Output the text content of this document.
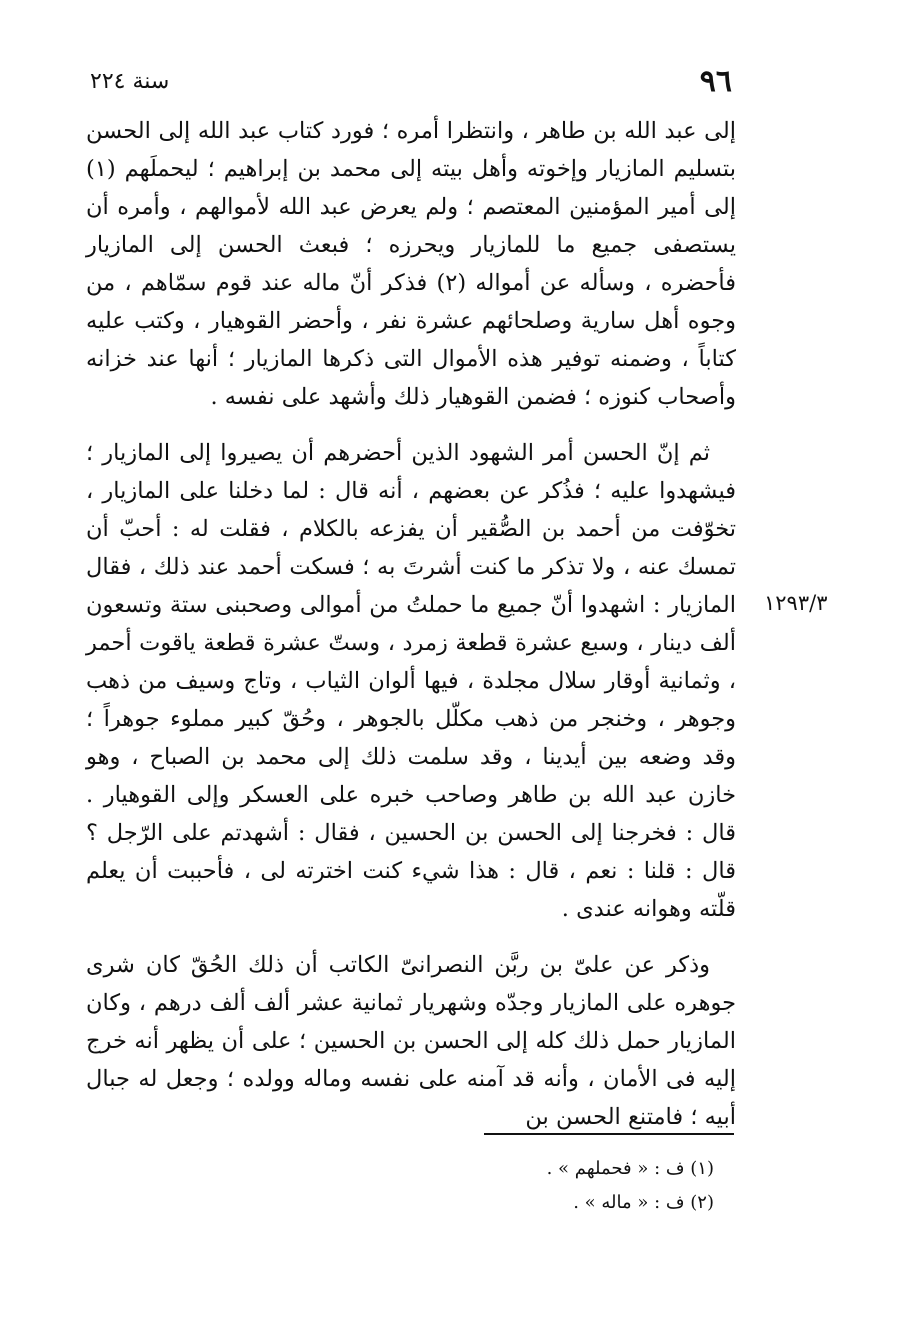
٩٦
سنة ٢٢٤

إلى عبد الله بن طاهر ، وانتظرا أمره ؛ فورد كتاب عبد الله إلى الحسن بتسليم المازيار وإخوته وأهل بيته إلى محمد بن إبراهيم ؛ ليحملَهم (١) إلى أمير المؤمنين المعتصم ؛ ولم يعرض عبد الله لأموالهم ، وأمره أن يستصفى جميع ما للمازيار ويحرزه ؛ فبعث الحسن إلى المازيار فأحضره ، وسأله عن أمواله (٢) فذكر أنّ ماله عند قوم سمّاهم ، من وجوه أهل سارية وصلحائهم عشرة نفر ، وأحضر القوهيار ، وكتب عليه كتاباً ، وضمنه توفير هذه الأموال التى ذكرها المازيار ؛ أنها عند خزانه وأصحاب كنوزه ؛ فضمن القوهيار ذلك وأشهد على نفسه .

ثم إنّ الحسن أمر الشهود الذين أحضرهم أن يصيروا إلى المازيار ؛ فيشهدوا عليه ؛ فذُكر عن بعضهم ، أنه قال : لما دخلنا على المازيار ، تخوّفت من أحمد بن الصُّقير أن يفزعه بالكلام ، فقلت له : أحبّ أن تمسك عنه ، ولا تذكر ما كنت أشرتَ به ؛ فسكت أحمد عند ذلك ، فقال المازيار : اشهدوا أنّ جميع ما حملتُ من أموالى وصحبنى ستة وتسعون ألف دينار ، وسبع عشرة قطعة زمرد ، وستّ عشرة قطعة ياقوت أحمر ، وثمانية أوقار سلال مجلدة ، فيها ألوان الثياب ، وتاج وسيف من ذهب وجوهر ، وخنجر من ذهب مكلّل بالجوهر ، وحُقّ كبير مملوء جوهراً ؛ وقد وضعه بين أيدينا ، وقد سلمت ذلك إلى محمد بن الصباح ، وهو خازن عبد الله بن طاهر وصاحب خبره على العسكر وإلى القوهيار . قال : فخرجنا إلى الحسن بن الحسين ، فقال : أشهدتم على الرّجل ؟ قال : قلنا : نعم ، قال : هذا شيء كنت اخترته لى ، فأحببت أن يعلم قلّته وهوانه عندى .

وذكر عن علىّ بن ربَّن النصرانىّ الكاتب أن ذلك الحُقّ كان شرى جوهره على المازيار وجدّه وشهريار ثمانية عشر ألف ألف درهم ، وكان المازيار حمل ذلك كله إلى الحسن بن الحسين ؛ على أن يظهر أنه خرج إليه فى الأمان ، وأنه قد آمنه على نفسه وماله وولده ؛ وجعل له جبال أبيه ؛ فامتنع الحسن بن

١٢٩٣/٣

(١) ف : « فحملهم » .

(٢) ف : « ماله » .
